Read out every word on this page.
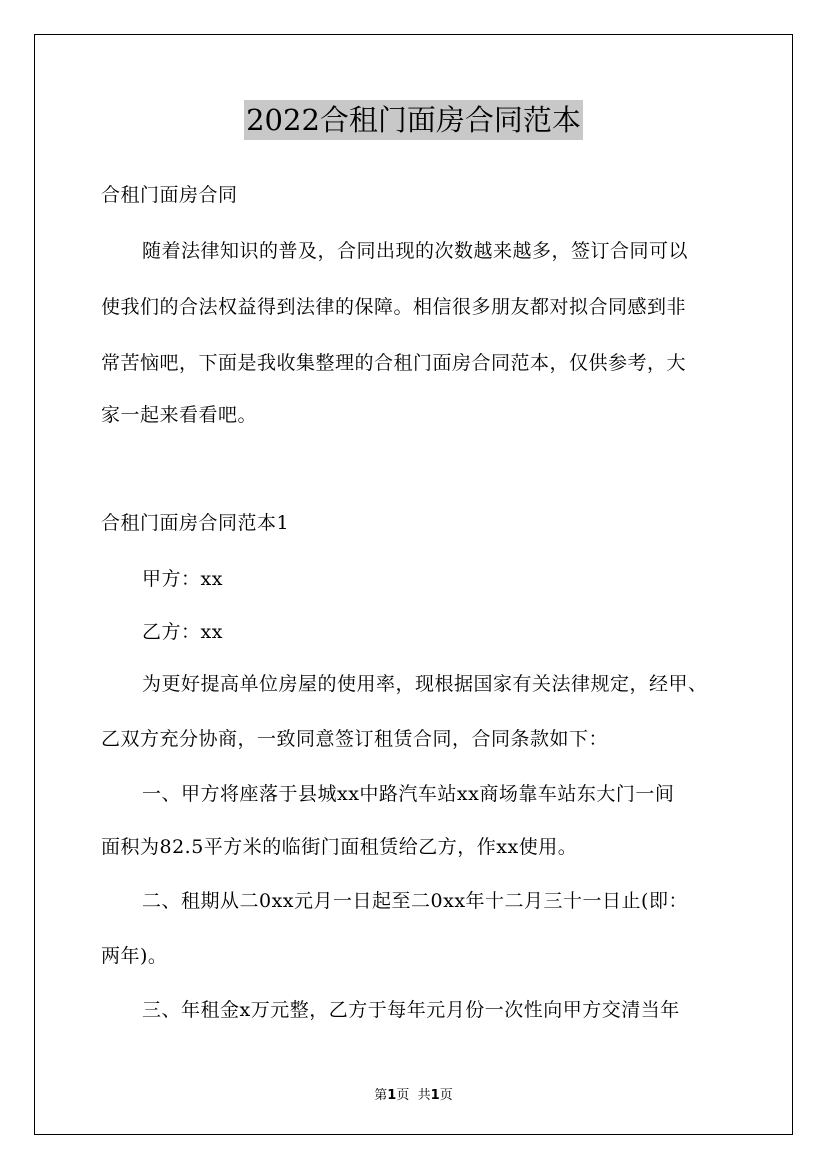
2022合租门面房合同范本
合租门面房合同
随着法律知识的普及，合同出现的次数越来越多，签订合同可以
使我们的合法权益得到法律的保障。相信很多朋友都对拟合同感到非
常苦恼吧，下面是我收集整理的合租门面房合同范本，仅供参考，大
家一起来看看吧。
合租门面房合同范本1
甲方：xx
乙方：xx
为更好提高单位房屋的使用率，现根据国家有关法律规定，经甲、
乙双方充分协商，一致同意签订租赁合同，合同条款如下：
一、甲方将座落于县城xx中路汽车站xx商场靠车站东大门一间
面积为82.5平方米的临街门面租赁给乙方，作xx使用。
二、租期从二0xx元月一日起至二0xx年十二月三十一日止(即：
两年)。
三、年租金x万元整，乙方于每年元月份一次性向甲方交清当年
第1页 共1页
